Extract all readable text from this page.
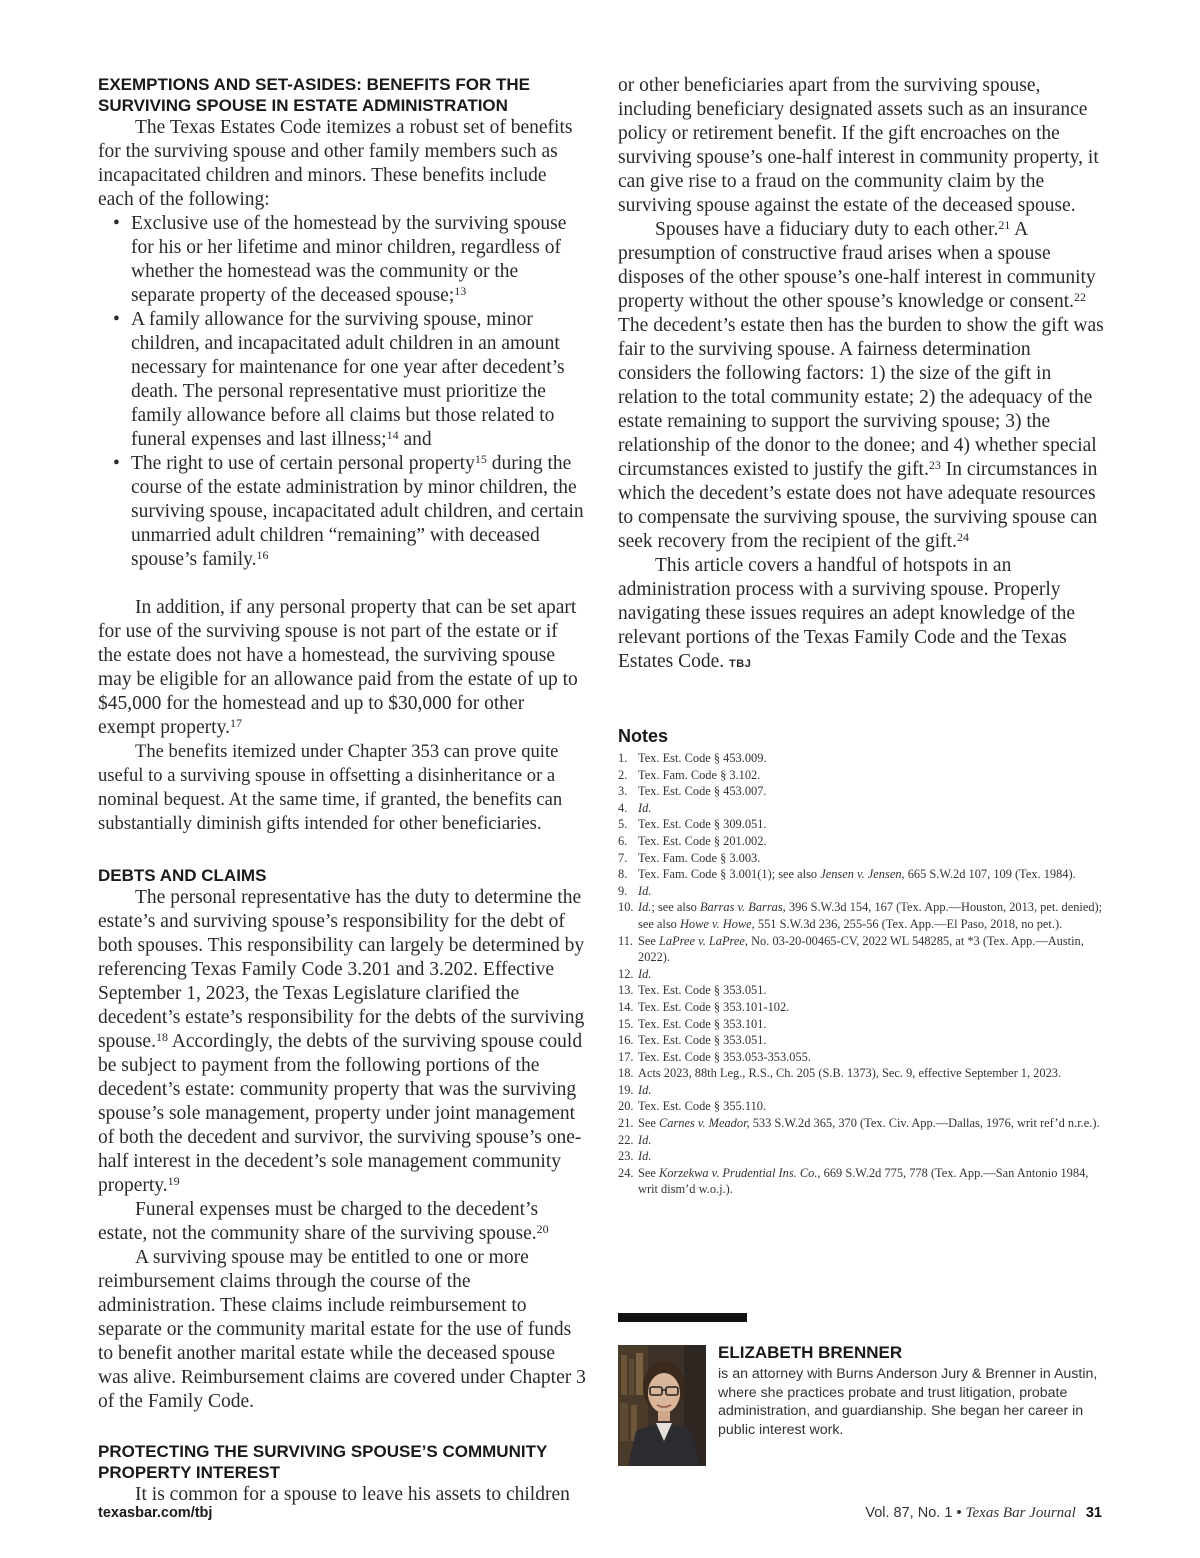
EXEMPTIONS AND SET-ASIDES: BENEFITS FOR THE SURVIVING SPOUSE IN ESTATE ADMINISTRATION

The Texas Estates Code itemizes a robust set of benefits for the surviving spouse and other family members such as incapacitated children and minors. These benefits include each of the following:

• Exclusive use of the homestead by the surviving spouse for his or her lifetime and minor children, regardless of whether the homestead was the community or the separate property of the deceased spouse;$^{13}$
• A family allowance for the surviving spouse, minor children, and incapacitated adult children in an amount necessary for maintenance for one year after decedent’s death. The personal representative must prioritize the family allowance before all claims but those related to funeral expenses and last illness;$^{14}$ and
• The right to use of certain personal property$^{15}$ during the course of the estate administration by minor children, the surviving spouse, incapacitated adult children, and certain unmarried adult children “remaining” with deceased spouse’s family.$^{16}$

In addition, if any personal property that can be set apart for use of the surviving spouse is not part of the estate or if the estate does not have a homestead, the surviving spouse may be eligible for an allowance paid from the estate of up to $45,000 for the homestead and up to $30,000 for other exempt property.$^{17}$

The benefits itemized under Chapter 353 can prove quite useful to a surviving spouse in offsetting a disinheritance or a nominal bequest. At the same time, if granted, the benefits can substantially diminish gifts intended for other beneficiaries.

DEBTS AND CLAIMS

The personal representative has the duty to determine the estate’s and surviving spouse’s responsibility for the debt of both spouses. This responsibility can largely be determined by referencing Texas Family Code 3.201 and 3.202. Effective September 1, 2023, the Texas Legislature clarified the decedent’s estate’s responsibility for the debts of the surviving spouse.$^{18}$ Accordingly, the debts of the surviving spouse could be subject to payment from the following portions of the decedent’s estate: community property that was the surviving spouse’s sole management, property under joint management of both the decedent and survivor, the surviving spouse’s one-half interest in the decedent’s sole management community property.$^{19}$

Funeral expenses must be charged to the decedent’s estate, not the community share of the surviving spouse.$^{20}$

A surviving spouse may be entitled to one or more reimbursement claims through the course of the administration. These claims include reimbursement to separate or the community marital estate for the use of funds to benefit another marital estate while the deceased spouse was alive. Reimbursement claims are covered under Chapter 3 of the Family Code.

PROTECTING THE SURVIVING SPOUSE’S COMMUNITY PROPERTY INTEREST

It is common for a spouse to leave his assets to children

or other beneficiaries apart from the surviving spouse, including beneficiary designated assets such as an insurance policy or retirement benefit. If the gift encroaches on the surviving spouse’s one-half interest in community property, it can give rise to a fraud on the community claim by the surviving spouse against the estate of the deceased spouse.

Spouses have a fiduciary duty to each other.$^{21}$ A presumption of constructive fraud arises when a spouse disposes of the other spouse’s one-half interest in community property without the other spouse’s knowledge or consent.$^{22}$ The decedent’s estate then has the burden to show the gift was fair to the surviving spouse. A fairness determination considers the following factors: 1) the size of the gift in relation to the total community estate; 2) the adequacy of the estate remaining to support the surviving spouse; 3) the relationship of the donor to the donee; and 4) whether special circumstances existed to justify the gift.$^{23}$ In circumstances in which the decedent’s estate does not have adequate resources to compensate the surviving spouse, the surviving spouse can seek recovery from the recipient of the gift.$^{24}$

This article covers a handful of hotspots in an administration process with a surviving spouse. Properly navigating these issues requires an adept knowledge of the relevant portions of the Texas Family Code and the Texas Estates Code. TBJ

Notes
1. Tex. Est. Code § 453.009.
2. Tex. Fam. Code § 3.102.
3. Tex. Est. Code § 453.007.
4. Id.
5. Tex. Est. Code § 309.051.
6. Tex. Est. Code § 201.002.
7. Tex. Fam. Code § 3.003.
8. Tex. Fam. Code § 3.001(1); see also Jensen v. Jensen, 665 S.W.2d 107, 109 (Tex. 1984).
9. Id.
10. Id.; see also Barras v. Barras, 396 S.W.3d 154, 167 (Tex. App.—Houston, 2013, pet. denied); see also Howe v. Howe, 551 S.W.3d 236, 255-56 (Tex. App.—El Paso, 2018, no pet.).
11. See LaPree v. LaPree, No. 03-20-00465-CV, 2022 WL 548285, at *3 (Tex. App.—Austin, 2022).
12. Id.
13. Tex. Est. Code § 353.051.
14. Tex. Est. Code § 353.101-102.
15. Tex. Est. Code § 353.101.
16. Tex. Est. Code § 353.051.
17. Tex. Est. Code § 353.053-353.055.
18. Acts 2023, 88th Leg., R.S., Ch. 205 (S.B. 1373), Sec. 9, effective September 1, 2023.
19. Id.
20. Tex. Est. Code § 355.110.
21. See Carnes v. Meador, 533 S.W.2d 365, 370 (Tex. Civ. App.—Dallas, 1976, writ ref’d n.r.e.).
22. Id.
23. Id.
24. See Korzekwa v. Prudential Ins. Co., 669 S.W.2d 775, 778 (Tex. App.—San Antonio 1984, writ dism’d w.o.j.).
ELIZABETH BRENNER

is an attorney with Burns Anderson Jury & Brenner in Austin, where she practices probate and trust litigation, probate administration, and guardianship. She began her career in public interest work.

texasbar.com/tbj	Vol. 87, No. 1 • Texas Bar Journal 31
